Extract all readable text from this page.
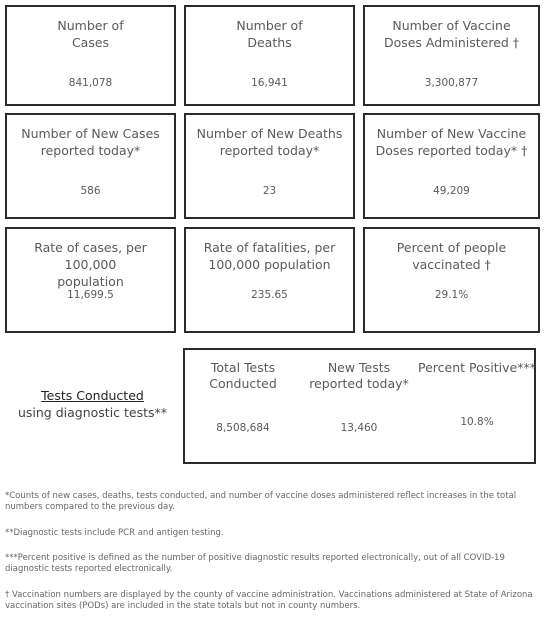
Number of
Cases
841,078
Number of
Deaths
16,941
Number of Vaccine
Doses Administered †
3,300,877
Number of New Cases
reported today*
586
Number of New Deaths
reported today*
23
Number of New Vaccine
Doses reported today* †
49,209
Rate of cases, per 100,000
population
11,699.5
Rate of fatalities, per
100,000 population
235.65
Percent of people vaccinated †
29.1%
Tests Conducted
using diagnostic tests**
Total Tests
Conducted
8,508,684
New Tests
reported today*
13,460
Percent Positive***
10.8%
*Counts of new cases, deaths, tests conducted, and number of vaccine doses administered reflect increases in the total numbers compared to the previous day.
**Diagnostic tests include PCR and antigen testing.
***Percent positive is defined as the number of positive diagnostic results reported electronically, out of all COVID-19 diagnostic tests reported electronically.
† Vaccination numbers are displayed by the county of vaccine administration. Vaccinations administered at State of Arizona vaccination sites (PODs) are included in the state totals but not in county numbers.
